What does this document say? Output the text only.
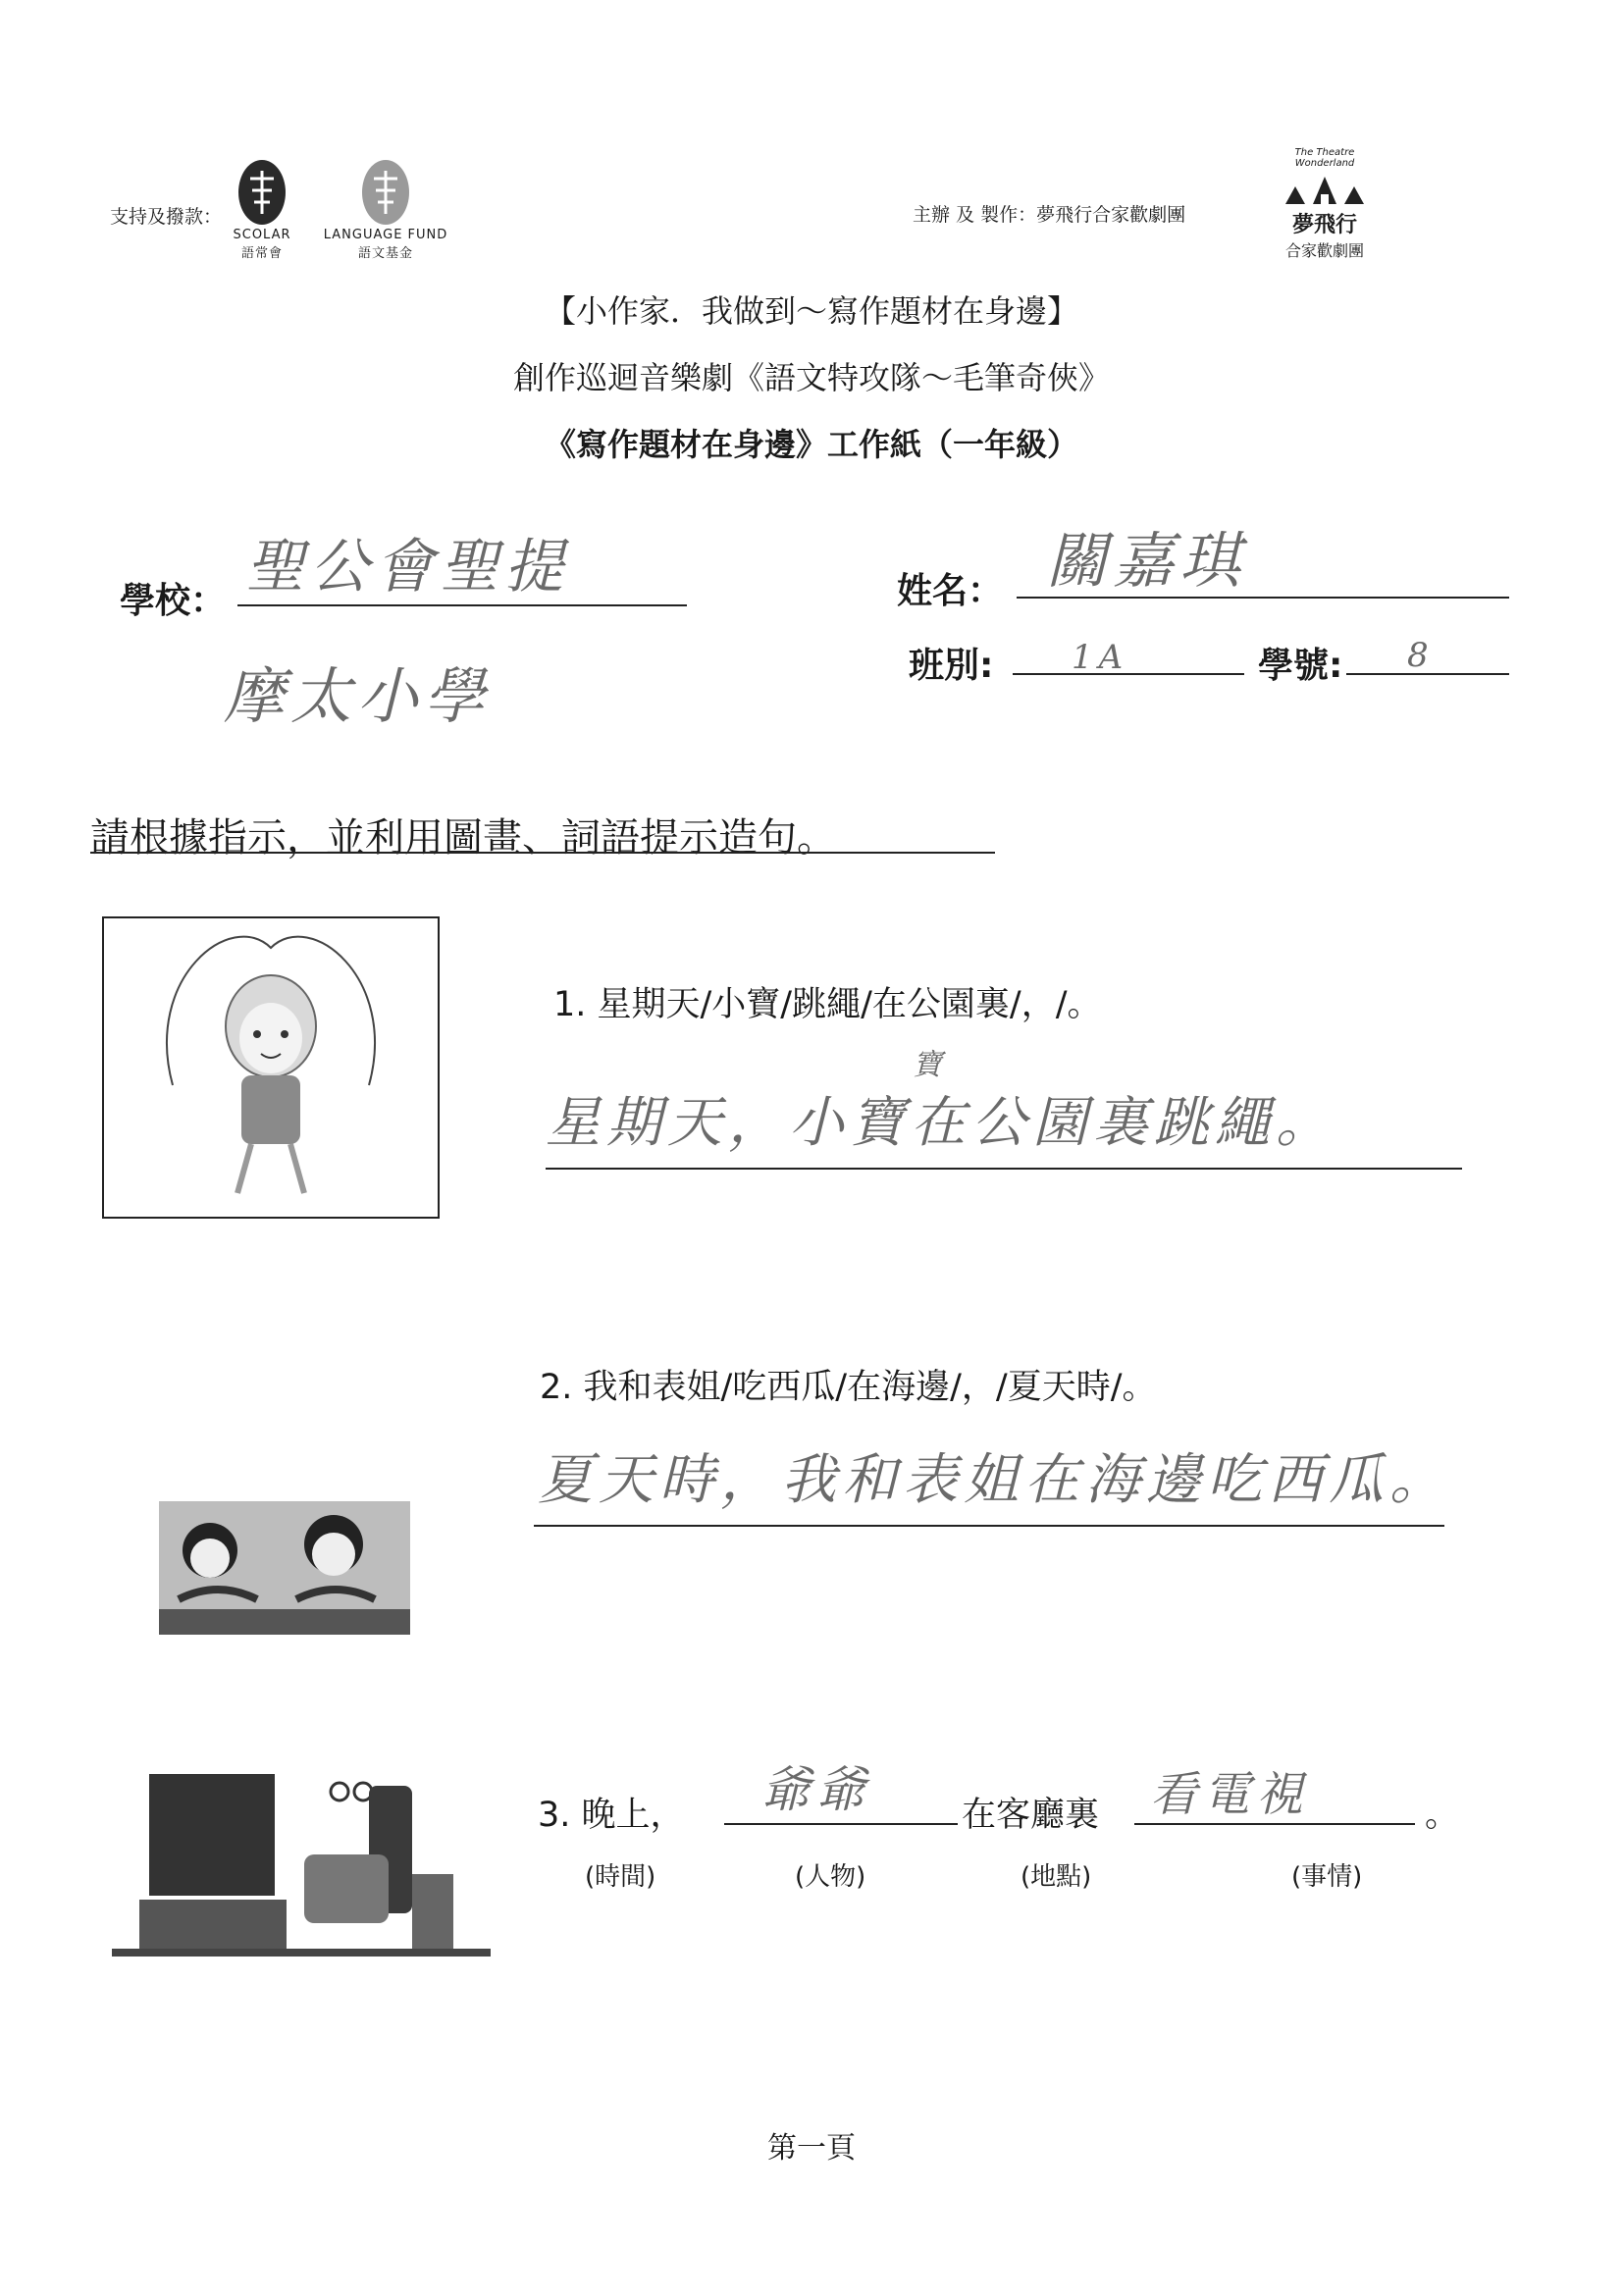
支持及撥款：
SCOLAR
語常會
LANGUAGE FUND
語文基金
主辦 及 製作：夢飛行合家歡劇團
The Theatre Wonderland
夢飛行
合家歡劇團
【小作家．我做到～寫作題材在身邊】
創作巡迴音樂劇《語文特攻隊～毛筆奇俠》
《寫作題材在身邊》工作紙（一年級）
學校： 聖公會聖提
摩太小學
姓名： 關嘉琪
班別: 1A	學號: 8
請根據指示，並利用圖畫、詞語提示造句。
1. 星期天/小寶/跳繩/在公園裏/，/。
寶
星期天，小寶在公園裏跳繩。
2. 我和表姐/吃西瓜/在海邊/，/夏天時/。
夏天時，我和表姐在海邊吃西瓜。
3. 晚上， 爺爺	在客廳裏 看電視	。
(時間)	(人物)	(地點)	(事情)
第一頁
